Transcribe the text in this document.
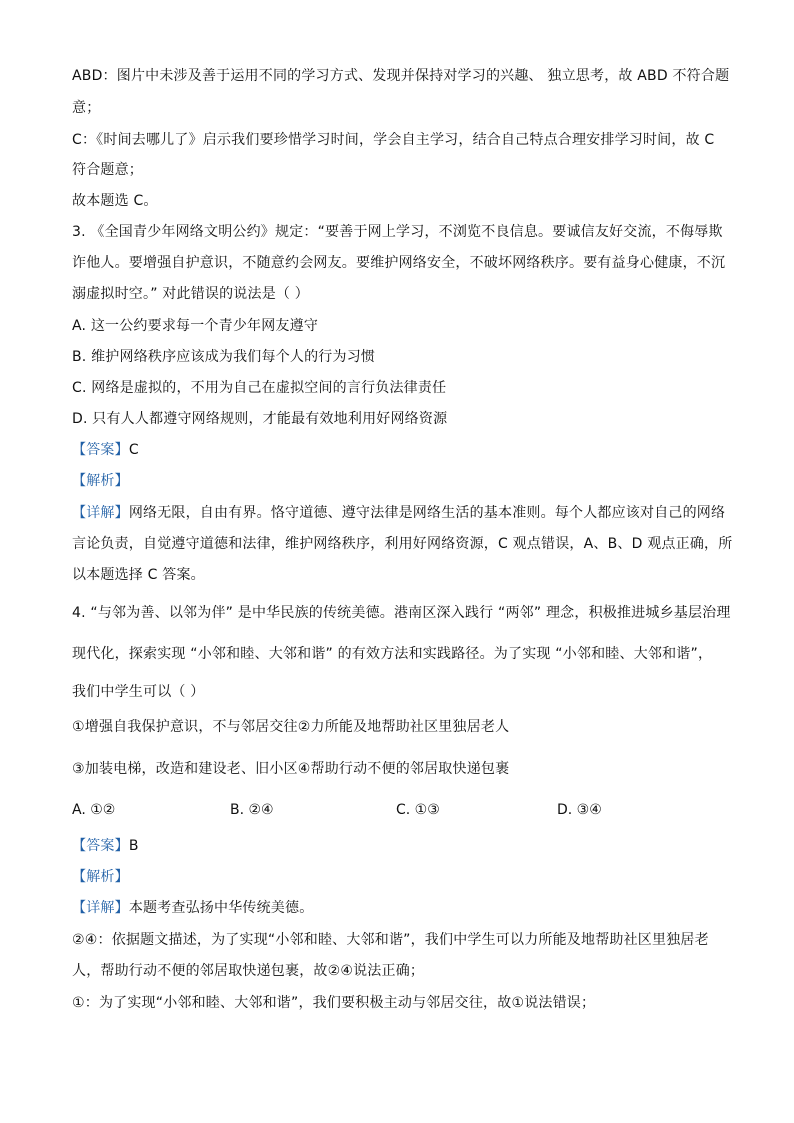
ABD：图片中未涉及善于运用不同的学习方式、发现并保持对学习的兴趣、 独立思考，故 ABD 不符合题
意；
C：《时间去哪儿了》启示我们要珍惜学习时间，学会自主学习，结合自己特点合理安排学习时间，故 C
符合题意；
故本题选 C。
3. 《全国青少年网络文明公约》规定：“要善于网上学习，不浏览不良信息。要诚信友好交流，不侮辱欺
诈他人。要增强自护意识，不随意约会网友。要维护网络安全，不破坏网络秩序。要有益身心健康，不沉
溺虚拟时空。” 对此错误的说法是（ ）
A. 这一公约要求每一个青少年网友遵守
B. 维护网络秩序应该成为我们每个人的行为习惯
C. 网络是虚拟的，不用为自己在虚拟空间的言行负法律责任
D. 只有人人都遵守网络规则，才能最有效地利用好网络资源
【答案】C
【解析】
【详解】网络无限，自由有界。恪守道德、遵守法律是网络生活的基本准则。每个人都应该对自己的网络
言论负责，自觉遵守道德和法律，维护网络秩序，利用好网络资源，C 观点错误，A、B、D 观点正确，所
以本题选择 C 答案。
4. “与邻为善、以邻为伴” 是中华民族的传统美德。港南区深入践行 “两邻” 理念，积极推进城乡基层治理
现代化，探索实现 “小邻和睦、大邻和谐” 的有效方法和实践路径。为了实现 “小邻和睦、大邻和谐”，
我们中学生可以（ ）
①增强自我保护意识，不与邻居交往②力所能及地帮助社区里独居老人
③加装电梯，改造和建设老、旧小区④帮助行动不便的邻居取快递包裹
A. ①②	B. ②④	C. ①③	D. ③④
【答案】B
【解析】
【详解】本题考查弘扬中华传统美德。
②④：依据题文描述，为了实现“小邻和睦、大邻和谐”，我们中学生可以力所能及地帮助社区里独居老
人，帮助行动不便的邻居取快递包裹，故②④说法正确；
①：为了实现“小邻和睦、大邻和谐”，我们要积极主动与邻居交往，故①说法错误；
